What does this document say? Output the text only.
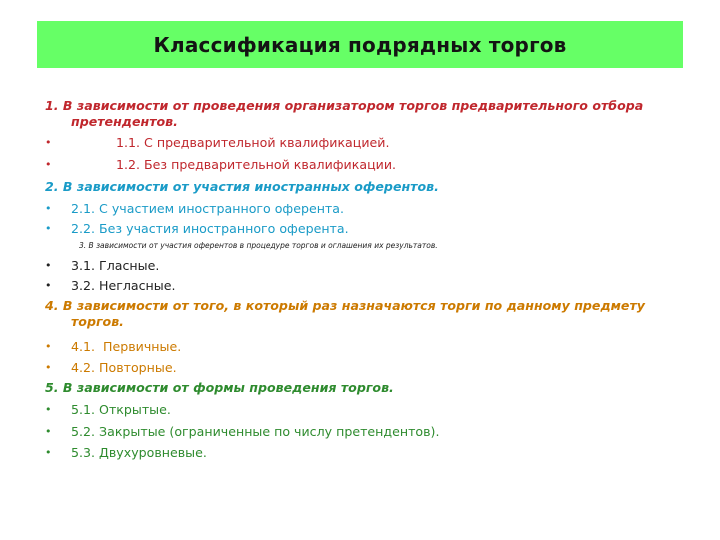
Классификация подрядных торгов
1. В зависимости от проведения организатором торгов предварительного отбора претендентов.
•	1.1. С предварительной квалификацией.
•	1.2. Без предварительной квалификации.
2. В зависимости от участия иностранных оферентов.
• 2.1. С участием иностранного оферента.
• 2.2. Без участия иностранного оферента.
3. В зависимости от участия оферентов в процедуре торгов и оглашения их результатов.
• 3.1. Гласные.
• 3.2. Негласные.
4. В зависимости от того, в который раз назначаются торги по данному предмету торгов.
• 4.1.  Первичные.
• 4.2. Повторные.
5. В зависимости от формы проведения торгов.
• 5.1. Открытые.
• 5.2. Закрытые (ограниченные по числу претендентов).
• 5.3. Двухуровневые.
